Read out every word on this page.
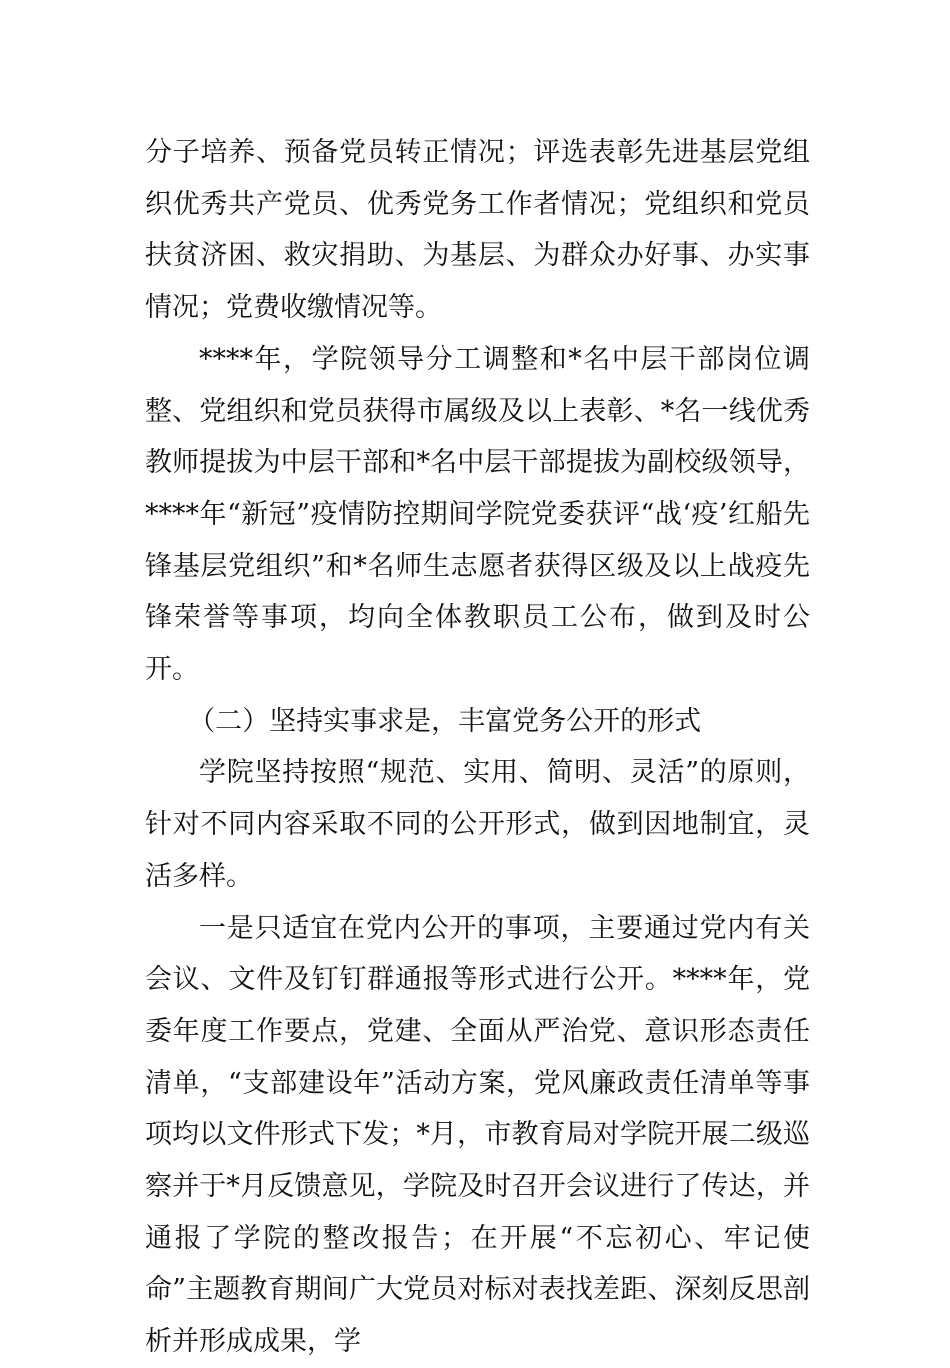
分子培养、预备党员转正情况；评选表彰先进基层党组织优秀共产党员、优秀党务工作者情况；党组织和党员扶贫济困、救灾捐助、为基层、为群众办好事、办实事情况；党费收缴情况等。

****年，学院领导分工调整和*名中层干部岗位调整、党组织和党员获得市属级及以上表彰、*名一线优秀教师提拔为中层干部和*名中层干部提拔为副校级领导，****年“新冠”疫情防控期间学院党委获评“战‘疫’红船先锋基层党组织”和*名师生志愿者获得区级及以上战疫先锋荣誉等事项，均向全体教职员工公布，做到及时公开。

（二）坚持实事求是，丰富党务公开的形式

学院坚持按照“规范、实用、简明、灵活”的原则，针对不同内容采取不同的公开形式，做到因地制宜，灵活多样。

一是只适宜在党内公开的事项，主要通过党内有关会议、文件及钉钉群通报等形式进行公开。****年，党委年度工作要点，党建、全面从严治党、意识形态责任清单，“支部建设年”活动方案，党风廉政责任清单等事项均以文件形式下发；*月，市教育局对学院开展二级巡察并于*月反馈意见，学院及时召开会议进行了传达，并通报了学院的整改报告；在开展“不忘初心、牢记使命”主题教育期间广大党员对标对表找差距、深刻反思剖析并形成成果，学
